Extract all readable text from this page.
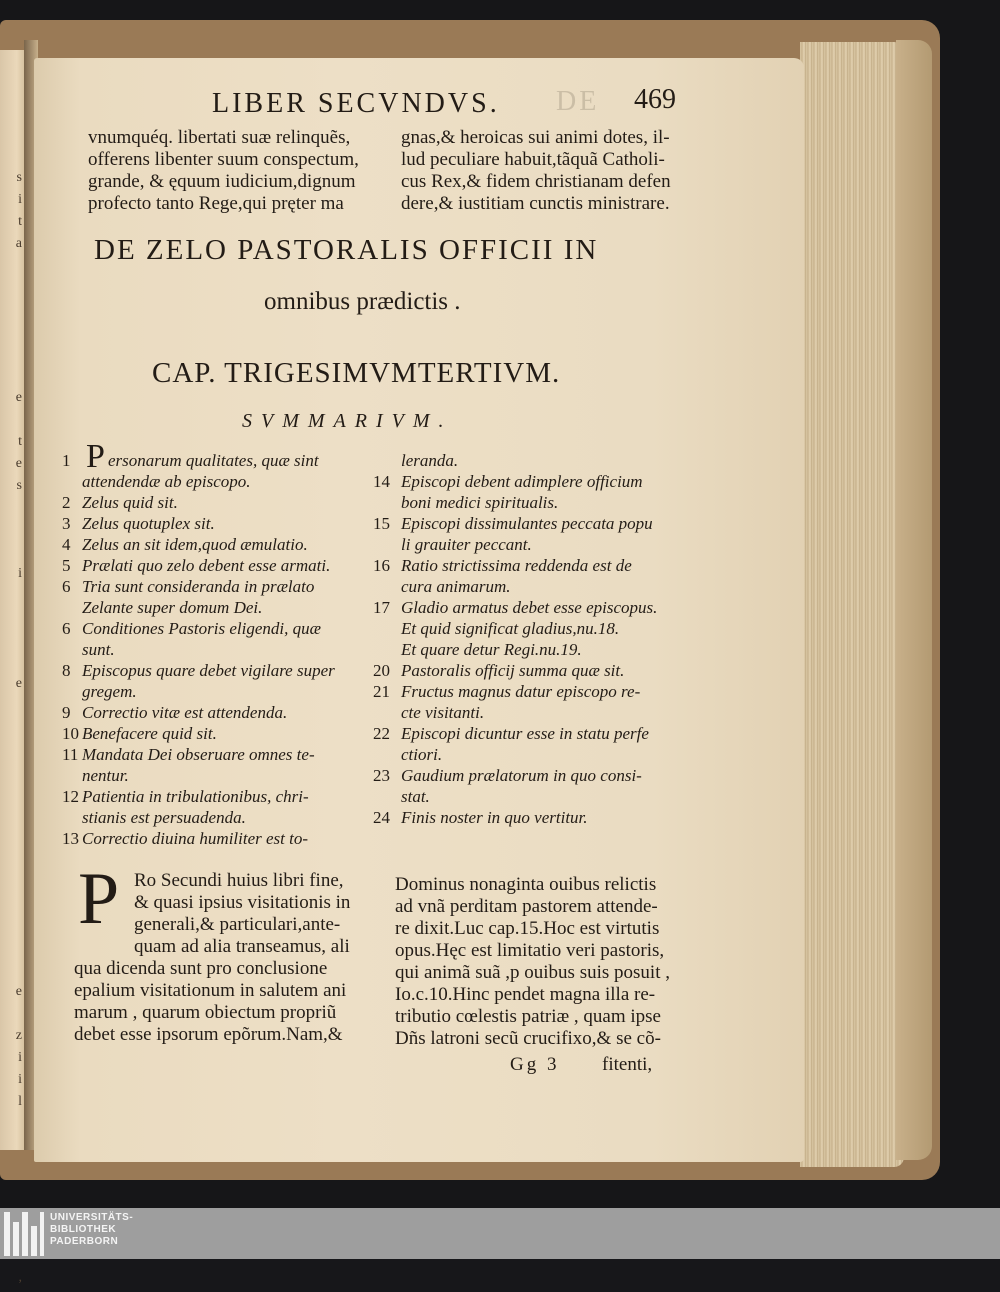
s
i
t
a
e
t
e
s
i
e
e
z
i
i
l
,
DE
LIBER SECVNDVS.	469
vnumquéq. libertati suæ relinquẽs,
offerens libenter suum conspectum,
grande, & ęquum iudicium,dignum
profecto tanto Rege,qui pręter ma
gnas,& heroicas sui animi dotes, il-
lud peculiare habuit,tãquã Catholi-
cus Rex,& fidem christianam defen
dere,& iustitiam cunctis ministrare.
DE ZELO PASTORALIS OFFICII IN
omnibus prædictis .
CAP. TRIGESIMVMTERTIVM.
SVMMARIVM.
P
1 ersonarum qualitates, quæ sint
attendendæ ab episcopo.
2 Zelus quid sit.
3 Zelus quotuplex sit.
4 Zelus an sit idem,quod æmulatio.
5 Prælati quo zelo debent esse armati.
6 Tria sunt consideranda in prælato
Zelante super domum Dei.
6 Conditiones Pastoris eligendi, quæ
sunt.
8 Episcopus quare debet vigilare super
gregem.
9 Correctio vitæ est attendenda.
10 Benefacere quid sit.
11 Mandata Dei obseruare omnes te-
nentur.
12 Patientia in tribulationibus, chri-
stianis est persuadenda.
13 Correctio diuina humiliter est to-
leranda.
14 Episcopi debent adimplere officium
boni medici spiritualis.
15 Episcopi dissimulantes peccata popu
li grauiter peccant.
16 Ratio strictissima reddenda est de
cura animarum.
17 Gladio armatus debet esse episcopus.
Et quid significat gladius,nu.18.
Et quare detur Regi.nu.19.
20 Pastoralis officij summa quæ sit.
21 Fructus magnus datur episcopo re-
cte visitanti.
22 Episcopi dicuntur esse in statu perfe
ctiori.
23 Gaudium prælatorum in quo consi-
stat.
24 Finis noster in quo vertitur.
P Ro Secundi huius libri fine,
& quasi ipsius visitationis in
generali,& particulari,ante-
quam ad alia transeamus, ali
qua dicenda sunt pro conclusione
epalium visitationum in salutem ani
marum , quarum obiectum propriũ
debet esse ipsorum epõrum.Nam,&
Dominus nonaginta ouibus relictis
ad vnã perditam pastorem attende-
re dixit.Luc cap.15.Hoc est virtutis
opus.Hęc est limitatio veri pastoris,
qui animã suã ,p ouibus suis posuit ,
Io.c.10.Hinc pendet magna illa re-
tributio cœlestis patriæ , quam ipse
Dñs latroni secũ crucifixo,& se cõ-
Gg 3 fitenti,
UNIVERSITÄTS-
BIBLIOTHEK
PADERBORN
